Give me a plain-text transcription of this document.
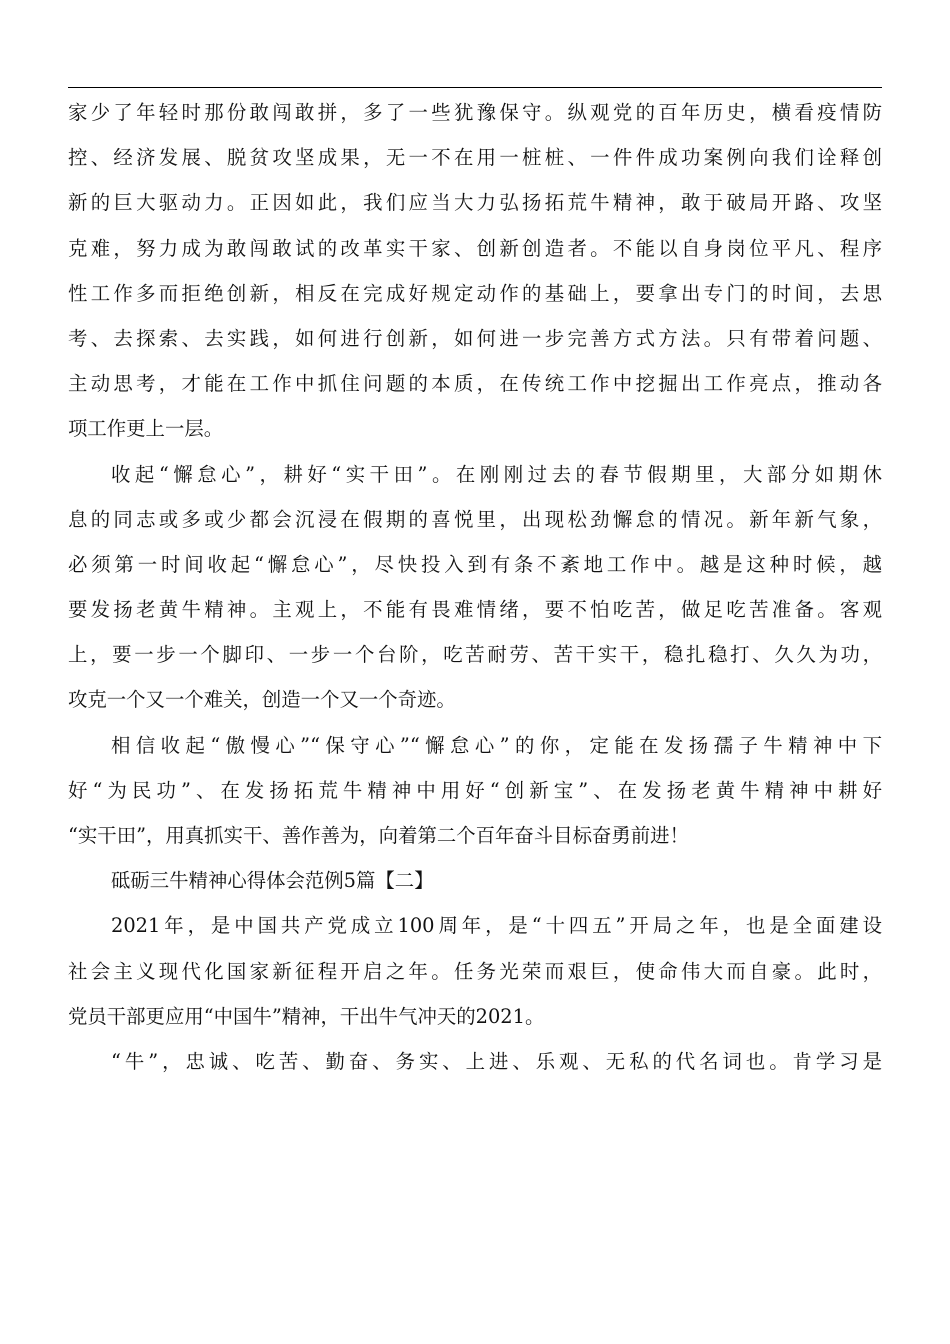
家少了年轻时那份敢闯敢拼，多了一些犹豫保守。纵观党的百年历史，横看疫情防
控、经济发展、脱贫攻坚成果，无一不在用一桩桩、一件件成功案例向我们诠释创
新的巨大驱动力。正因如此，我们应当大力弘扬拓荒牛精神，敢于破局开路、攻坚
克难，努力成为敢闯敢试的改革实干家、创新创造者。不能以自身岗位平凡、程序
性工作多而拒绝创新，相反在完成好规定动作的基础上，要拿出专门的时间，去思
考、去探索、去实践，如何进行创新，如何进一步完善方式方法。只有带着问题、
主动思考，才能在工作中抓住问题的本质，在传统工作中挖掘出工作亮点，推动各
项工作更上一层。
收起“懈怠心”，耕好“实干田”。在刚刚过去的春节假期里，大部分如期休
息的同志或多或少都会沉浸在假期的喜悦里，出现松劲懈怠的情况。新年新气象，
必须第一时间收起“懈怠心”，尽快投入到有条不紊地工作中。越是这种时候，越
要发扬老黄牛精神。主观上，不能有畏难情绪，要不怕吃苦，做足吃苦准备。客观
上，要一步一个脚印、一步一个台阶，吃苦耐劳、苦干实干，稳扎稳打、久久为功，
攻克一个又一个难关，创造一个又一个奇迹。
相信收起“傲慢心”“保守心”“懈怠心”的你，定能在发扬孺子牛精神中下
好“为民功”、在发扬拓荒牛精神中用好“创新宝”、在发扬老黄牛精神中耕好
“实干田”，用真抓实干、善作善为，向着第二个百年奋斗目标奋勇前进！
砥砺三牛精神心得体会范例5篇【二】
2021年，是中国共产党成立100周年，是“十四五”开局之年，也是全面建设
社会主义现代化国家新征程开启之年。任务光荣而艰巨，使命伟大而自豪。此时，
党员干部更应用“中国牛”精神，干出牛气冲天的2021。
“牛”，忠诚、吃苦、勤奋、务实、上进、乐观、无私的代名词也。肯学习是
